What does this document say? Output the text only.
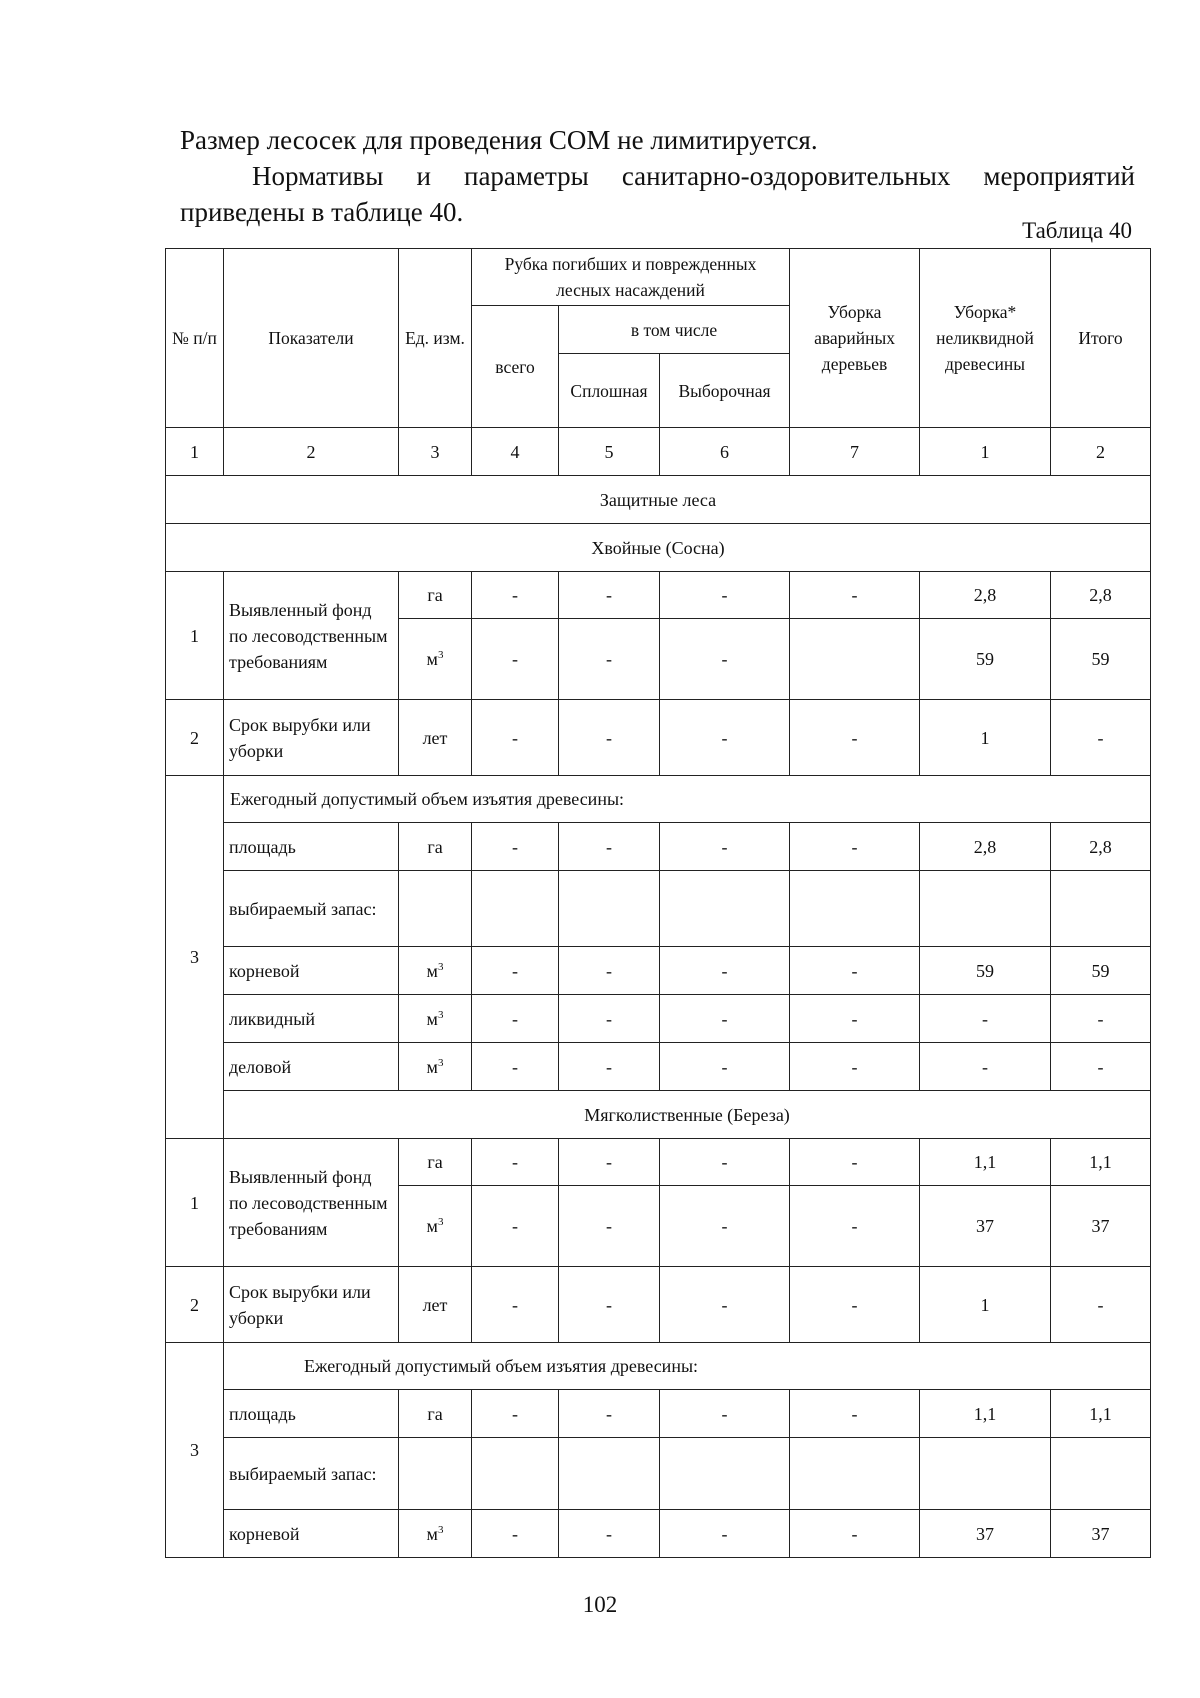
Размер лесосек для проведения СОМ не лимитируется.

Нормативы и параметры санитарно-оздоровительных мероприятий приведены в таблице 40.

Таблица 40
№ п/п	Показатели	Ед. изм.	Рубка погибших и поврежденных лесных насаждений			Уборка аварийных деревьев	Уборка* неликвидной древесины	Итого
			всего	в том числе				
				Сплошная	Выборочная			
1	2	3	4	5	6	7	1	2
Защитные леса								
Хвойные (Сосна)								
1	Выявленный фонд по лесоводственным требованиям	га	-	-	-	-	2,8	2,8
		$м^3$	-	-	-		59	59
2	Срок вырубки или уборки	лет	-	-	-	-	1	-
3	Ежегодный допустимый объем изъятия древесины:							
	площадь	га	-	-	-	-	2,8	2,8
	выбираемый запас:							
	корневой	$м^3$	-	-	-	-	59	59
	ликвидный	$м^3$	-	-	-	-	-	-
	деловой	$м^3$	-	-	-	-	-	-
	Мягколиственные (Береза)							
1	Выявленный фонд по лесоводственным требованиям	га	-	-	-	-	1,1	1,1
		$м^3$	-	-	-	-	37	37
2	Срок вырубки или уборки	лет	-	-	-	-	1	-
3	Ежегодный допустимый объем изъятия древесины:							
	площадь	га	-	-	-	-	1,1	1,1
	выбираемый запас:							
	корневой	$м^3$	-	-	-	-	37	37
102
